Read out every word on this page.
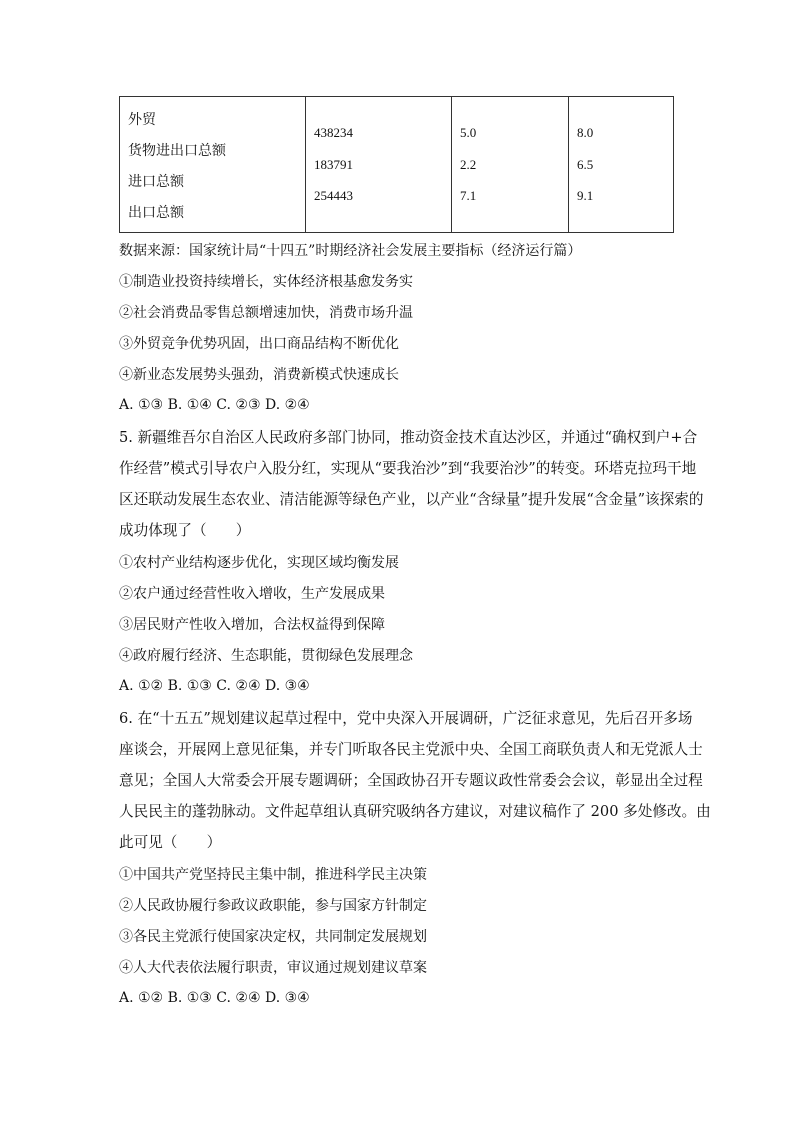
外贸
货物进出口总额
进口总额
出口总额
438234
183791
254443
5.0
2.2
7.1
8.0
6.5
9.1
数据来源：国家统计局“十四五”时期经济社会发展主要指标（经济运行篇）
①制造业投资持续增长，实体经济根基愈发务实
②社会消费品零售总额增速加快，消费市场升温
③外贸竞争优势巩固，出口商品结构不断优化
④新业态发展势头强劲，消费新模式快速成长
A. ①③ B. ①④ C. ②③ D. ②④
5. 新疆维吾尔自治区人民政府多部门协同，推动资金技术直达沙区，并通过“确权到户+合
作经营”模式引导农户入股分红，实现从“要我治沙”到“我要治沙”的转变。环塔克拉玛干地
区还联动发展生态农业、清洁能源等绿色产业，以产业“含绿量”提升发展“含金量”该探索的
成功体现了（　　）
①农村产业结构逐步优化，实现区域均衡发展
②农户通过经营性收入增收，生产发展成果
③居民财产性收入增加，合法权益得到保障
④政府履行经济、生态职能，贯彻绿色发展理念
A. ①② B. ①③ C. ②④ D. ③④
6. 在“十五五”规划建议起草过程中，党中央深入开展调研，广泛征求意见，先后召开多场
座谈会，开展网上意见征集，并专门听取各民主党派中央、全国工商联负责人和无党派人士
意见；全国人大常委会开展专题调研；全国政协召开专题议政性常委会会议，彰显出全过程
人民民主的蓬勃脉动。文件起草组认真研究吸纳各方建议，对建议稿作了 200 多处修改。由
此可见（　　）
①中国共产党坚持民主集中制，推进科学民主决策
②人民政协履行参政议政职能，参与国家方针制定
③各民主党派行使国家决定权，共同制定发展规划
④人大代表依法履行职责，审议通过规划建议草案
A. ①② B. ①③ C. ②④ D. ③④
